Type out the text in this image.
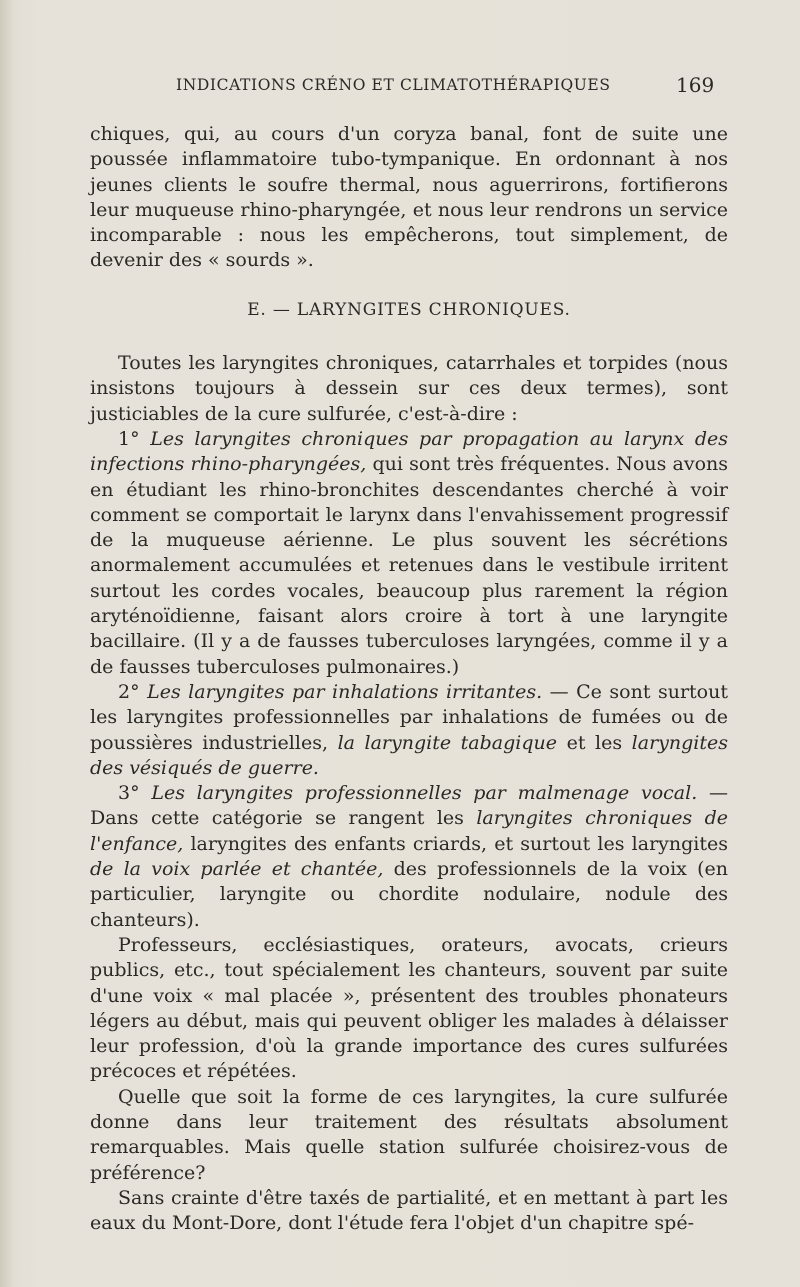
INDICATIONS CRÉNO ET CLIMATOTHÉRAPIQUES	169

chiques, qui, au cours d'un coryza banal, font de suite une poussée inflammatoire tubo-tympanique. En ordonnant à nos jeunes clients le soufre thermal, nous aguerrirons, fortifierons leur muqueuse rhino-pharyngée, et nous leur rendrons un service incomparable : nous les empêcherons, tout simplement, de devenir des « sourds ».

E. — LARYNGITES CHRONIQUES.

Toutes les laryngites chroniques, catarrhales et torpides (nous insistons toujours à dessein sur ces deux termes), sont justiciables de la cure sulfurée, c'est-à-dire :

1° Les laryngites chroniques par propagation au larynx des infections rhino-pharyngées, qui sont très fréquentes. Nous avons en étudiant les rhino-bronchites descendantes cherché à voir comment se comportait le larynx dans l'envahissement progressif de la muqueuse aérienne. Le plus souvent les sécrétions anormalement accumulées et retenues dans le vestibule irritent surtout les cordes vocales, beaucoup plus rarement la région aryténoïdienne, faisant alors croire à tort à une laryngite bacillaire. (Il y a de fausses tuberculoses laryngées, comme il y a de fausses tuberculoses pulmonaires.)

2° Les laryngites par inhalations irritantes. — Ce sont surtout les laryngites professionnelles par inhalations de fumées ou de poussières industrielles, la laryngite tabagique et les laryngites des vésiqués de guerre.

3° Les laryngites professionnelles par malmenage vocal. — Dans cette catégorie se rangent les laryngites chroniques de l'enfance, laryngites des enfants criards, et surtout les laryngites de la voix parlée et chantée, des professionnels de la voix (en particulier, laryngite ou chordite nodulaire, nodule des chanteurs).

Professeurs, ecclésiastiques, orateurs, avocats, crieurs publics, etc., tout spécialement les chanteurs, souvent par suite d'une voix « mal placée », présentent des troubles phonateurs légers au début, mais qui peuvent obliger les malades à délaisser leur profession, d'où la grande importance des cures sulfurées précoces et répétées.

Quelle que soit la forme de ces laryngites, la cure sulfurée donne dans leur traitement des résultats absolument remarquables. Mais quelle station sulfurée choisirez-vous de préférence?

Sans crainte d'être taxés de partialité, et en mettant à part les eaux du Mont-Dore, dont l'étude fera l'objet d'un chapitre spé-
